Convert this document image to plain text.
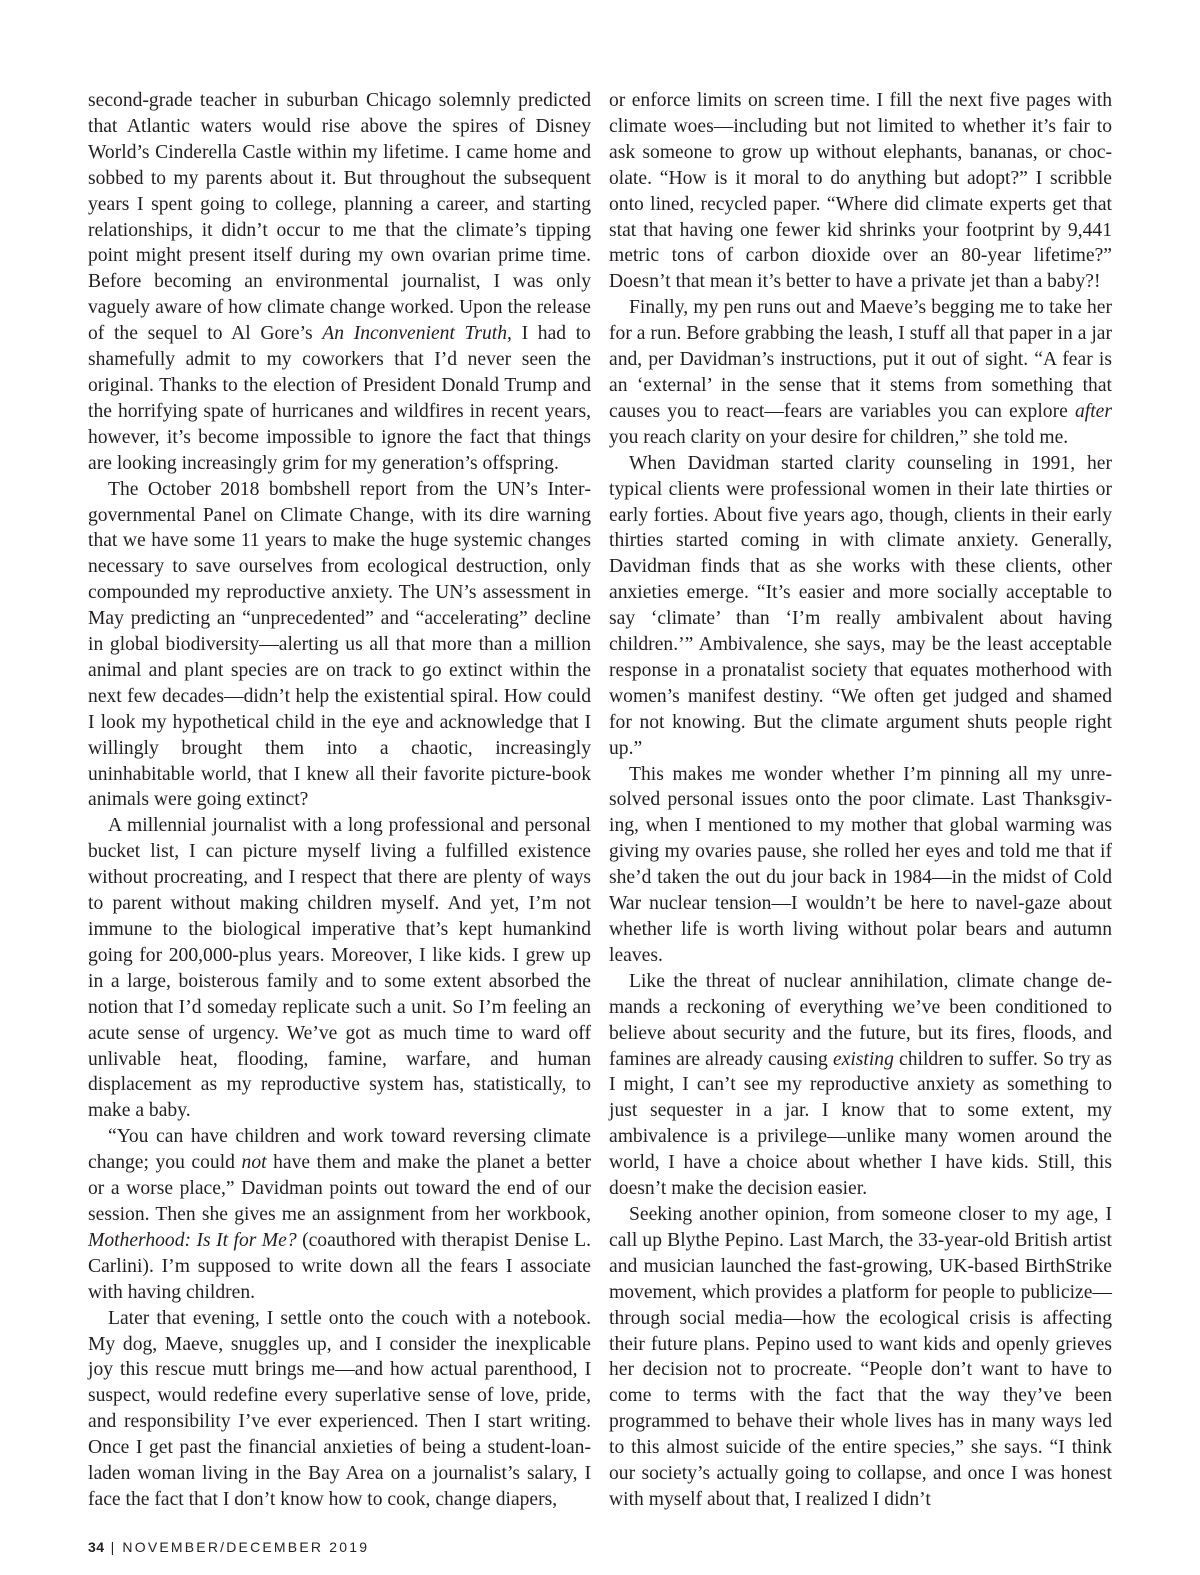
second-grade teacher in suburban Chicago solemnly predicted that Atlantic waters would rise above the spires of Disney World’s Cinderella Castle within my lifetime. I came home and sobbed to my parents about it. But throughout the subsequent years I spent going to college, planning a career, and starting relationships, it didn’t occur to me that the climate’s tipping point might present itself during my own ovarian prime time. Before becoming an environmental journalist, I was only vaguely aware of how climate change worked. Upon the release of the sequel to Al Gore’s An Inconvenient Truth, I had to shamefully admit to my coworkers that I’d never seen the original. Thanks to the election of President Donald Trump and the horrifying spate of hurricanes and wildfires in recent years, however, it’s become impossible to ignore the fact that things are looking increasingly grim for my generation’s offspring.

The October 2018 bombshell report from the UN’s Intergovernmental Panel on Climate Change, with its dire warning that we have some 11 years to make the huge systemic changes necessary to save ourselves from ecological destruction, only compounded my reproductive anxiety. The UN’s assessment in May predicting an “unprecedented” and “accelerating” decline in global biodiversity—alerting us all that more than a million animal and plant species are on track to go extinct within the next few decades—didn’t help the existential spiral. How could I look my hypothetical child in the eye and acknowledge that I willingly brought them into a chaotic, increasingly uninhabitable world, that I knew all their favorite picture-book animals were going extinct?

A millennial journalist with a long professional and personal bucket list, I can picture myself living a fulfilled existence without procreating, and I respect that there are plenty of ways to parent without making children myself. And yet, I’m not immune to the biological imperative that’s kept humankind going for 200,000-plus years. Moreover, I like kids. I grew up in a large, boisterous family and to some extent absorbed the notion that I’d someday replicate such a unit. So I’m feeling an acute sense of urgency. We’ve got as much time to ward off unlivable heat, flooding, famine, warfare, and human displacement as my reproductive system has, statistically, to make a baby.

“You can have children and work toward reversing climate change; you could not have them and make the planet a better or a worse place,” Davidman points out toward the end of our session. Then she gives me an assignment from her workbook, Motherhood: Is It for Me? (coauthored with therapist Denise L. Carlini). I’m supposed to write down all the fears I associate with having children.

Later that evening, I settle onto the couch with a notebook. My dog, Maeve, snuggles up, and I consider the inexplicable joy this rescue mutt brings me—and how actual parenthood, I suspect, would redefine every superlative sense of love, pride, and responsibility I’ve ever experienced. Then I start writing. Once I get past the financial anxieties of being a student-loan-laden woman living in the Bay Area on a journalist’s salary, I face the fact that I don’t know how to cook, change diapers,

or enforce limits on screen time. I fill the next five pages with climate woes—including but not limited to whether it’s fair to ask someone to grow up without elephants, bananas, or chocolate. “How is it moral to do anything but adopt?” I scribble onto lined, recycled paper. “Where did climate experts get that stat that having one fewer kid shrinks your footprint by 9,441 metric tons of carbon dioxide over an 80-year lifetime?” Doesn’t that mean it’s better to have a private jet than a baby?!

Finally, my pen runs out and Maeve’s begging me to take her for a run. Before grabbing the leash, I stuff all that paper in a jar and, per Davidman’s instructions, put it out of sight. “A fear is an ‘external’ in the sense that it stems from something that causes you to react—fears are variables you can explore after you reach clarity on your desire for children,” she told me.

When Davidman started clarity counseling in 1991, her typical clients were professional women in their late thirties or early forties. About five years ago, though, clients in their early thirties started coming in with climate anxiety. Generally, Davidman finds that as she works with these clients, other anxieties emerge. “It’s easier and more socially acceptable to say ‘climate’ than ‘I’m really ambivalent about having children.’” Ambivalence, she says, may be the least acceptable response in a pronatalist society that equates motherhood with women’s manifest destiny. “We often get judged and shamed for not knowing. But the climate argument shuts people right up.”

This makes me wonder whether I’m pinning all my unresolved personal issues onto the poor climate. Last Thanksgiving, when I mentioned to my mother that global warming was giving my ovaries pause, she rolled her eyes and told me that if she’d taken the out du jour back in 1984—in the midst of Cold War nuclear tension—I wouldn’t be here to navel-gaze about whether life is worth living without polar bears and autumn leaves.

Like the threat of nuclear annihilation, climate change demands a reckoning of everything we’ve been conditioned to believe about security and the future, but its fires, floods, and famines are already causing existing children to suffer. So try as I might, I can’t see my reproductive anxiety as something to just sequester in a jar. I know that to some extent, my ambivalence is a privilege—unlike many women around the world, I have a choice about whether I have kids. Still, this doesn’t make the decision easier.

Seeking another opinion, from someone closer to my age, I call up Blythe Pepino. Last March, the 33-year-old British artist and musician launched the fast-growing, UK-based BirthStrike movement, which provides a platform for people to publicize—through social media—how the ecological crisis is affecting their future plans. Pepino used to want kids and openly grieves her decision not to procreate. “People don’t want to have to come to terms with the fact that the way they’ve been programmed to behave their whole lives has in many ways led to this almost suicide of the entire species,” she says. “I think our society’s actually going to collapse, and once I was honest with myself about that, I realized I didn’t

34 | NOVEMBER/DECEMBER 2019
